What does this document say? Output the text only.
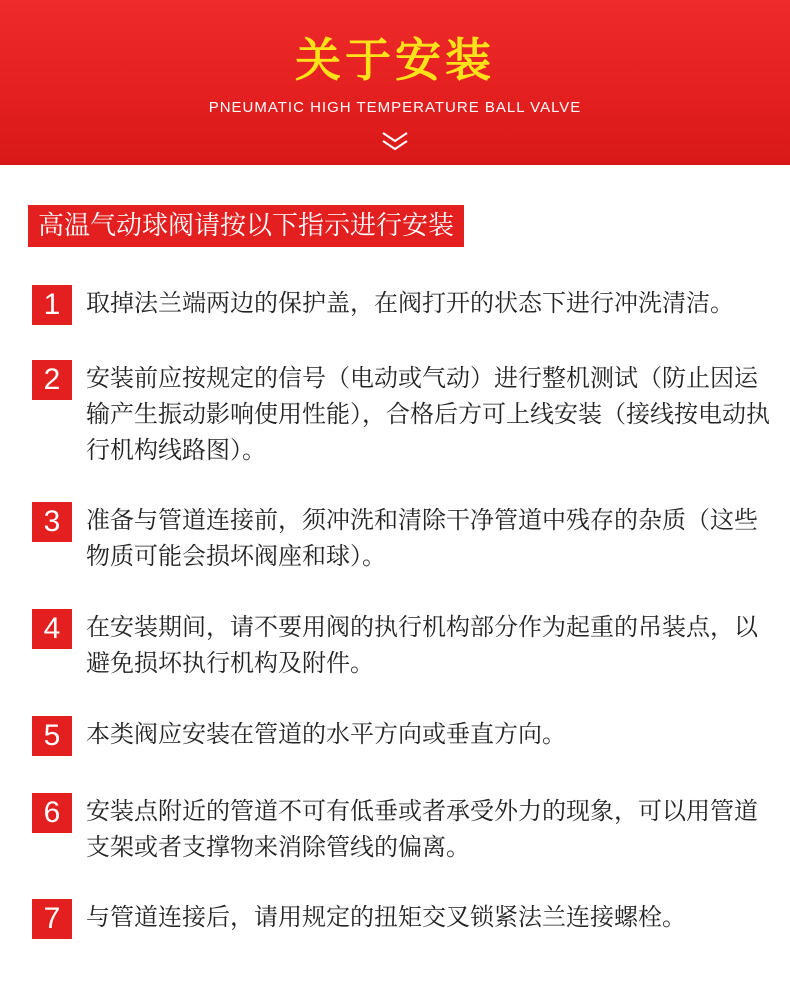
关于安装
PNEUMATIC HIGH TEMPERATURE BALL VALVE
高温气动球阀请按以下指示进行安装
1	取掉法兰端两边的保护盖，在阀打开的状态下进行冲洗清洁。
2	安装前应按规定的信号（电动或气动）进行整机测试（防止因运输产生振动影响使用性能），合格后方可上线安装（接线按电动执行机构线路图）。
3	准备与管道连接前，须冲洗和清除干净管道中残存的杂质（这些物质可能会损坏阀座和球）。
4	在安装期间，请不要用阀的执行机构部分作为起重的吊装点，以避免损坏执行机构及附件。
5	本类阀应安装在管道的水平方向或垂直方向。
6	安装点附近的管道不可有低垂或者承受外力的现象，可以用管道支架或者支撑物来消除管线的偏离。
7	与管道连接后，请用规定的扭矩交叉锁紧法兰连接螺栓。
